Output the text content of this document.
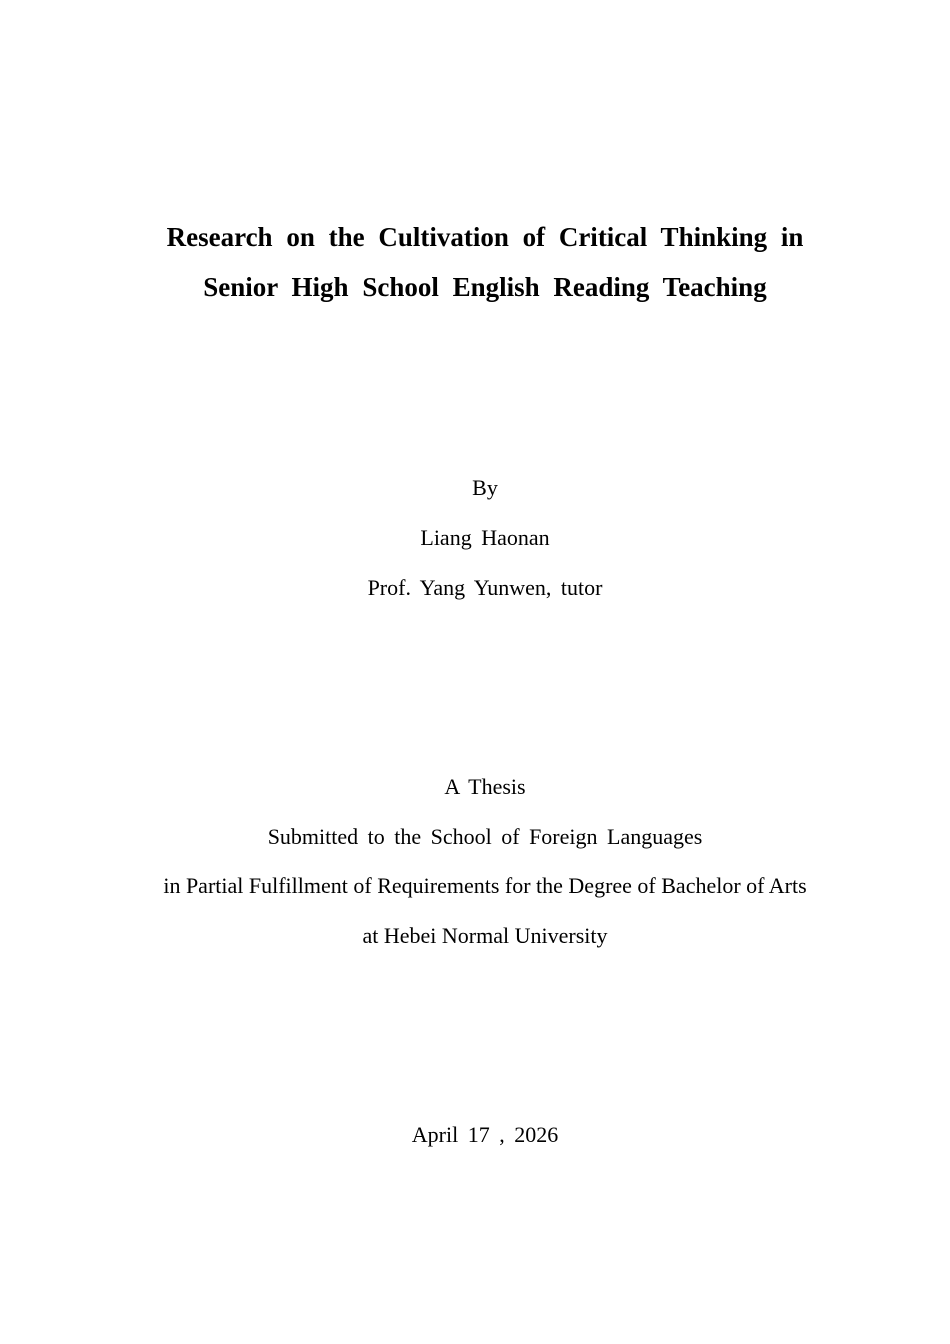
Research on the Cultivation of Critical Thinking in
Senior High School English Reading Teaching
By
Liang Haonan
Prof. Yang Yunwen, tutor
A Thesis
Submitted to the School of Foreign Languages
in Partial Fulfillment of Requirements for the Degree of Bachelor of Arts
at Hebei Normal University
April 17 , 2026
